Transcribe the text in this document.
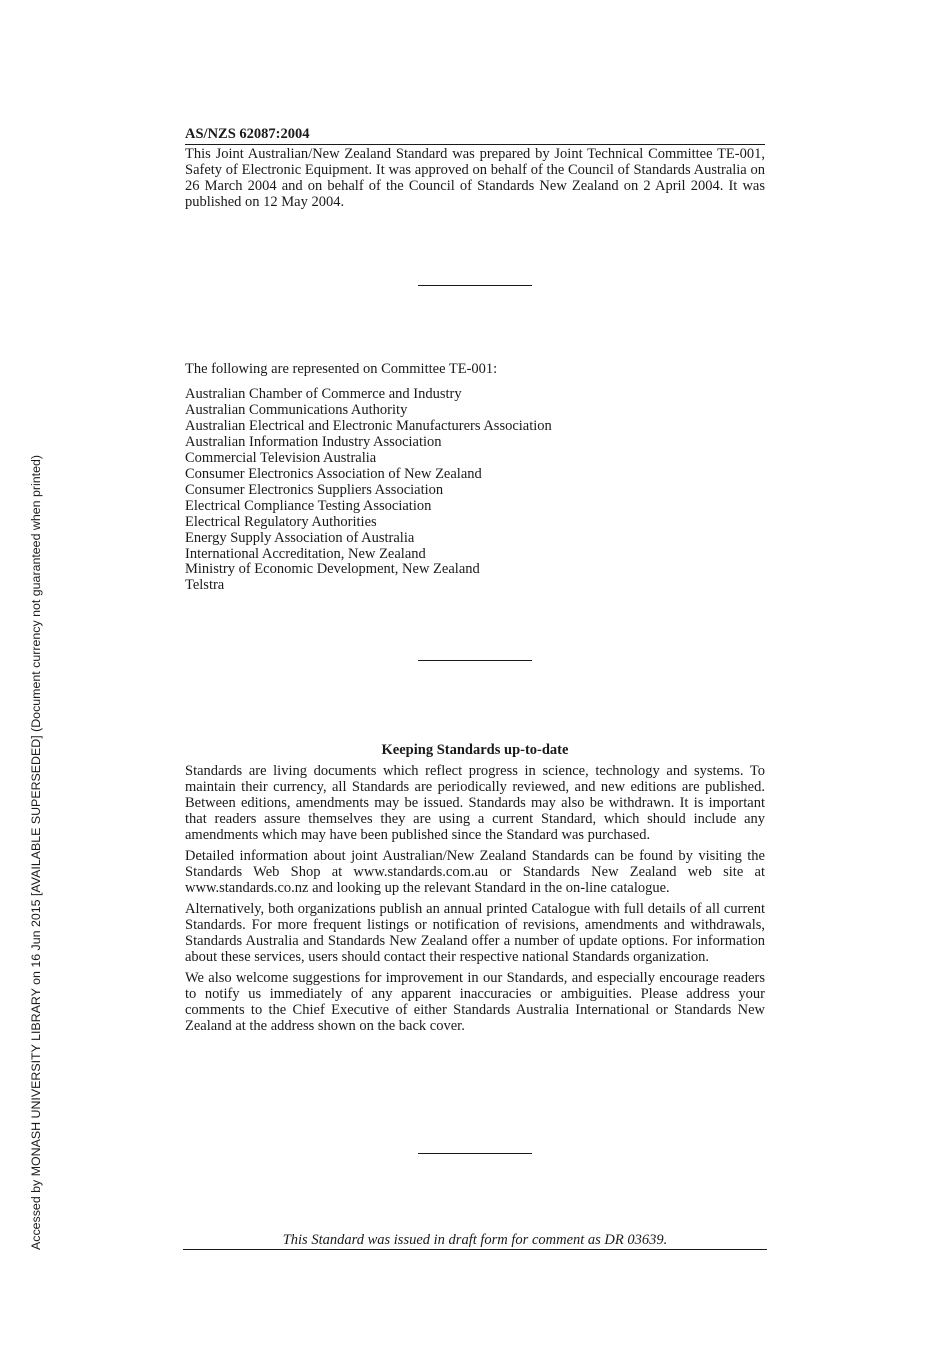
Accessed by MONASH UNIVERSITY LIBRARY on 16 Jun 2015 [AVAILABLE SUPERSEDED] (Document currency not guaranteed when printed)
AS/NZS 62087:2004

This Joint Australian/New Zealand Standard was prepared by Joint Technical Committee TE-001, Safety of Electronic Equipment. It was approved on behalf of the Council of Standards Australia on 26 March 2004 and on behalf of the Council of Standards New Zealand on 2 April 2004. It was published on 12 May 2004.

The following are represented on Committee TE-001:

Australian Chamber of Commerce and Industry
Australian Communications Authority
Australian Electrical and Electronic Manufacturers Association
Australian Information Industry Association
Commercial Television Australia
Consumer Electronics Association of New Zealand
Consumer Electronics Suppliers Association
Electrical Compliance Testing Association
Electrical Regulatory Authorities
Energy Supply Association of Australia
International Accreditation, New Zealand
Ministry of Economic Development, New Zealand
Telstra
Keeping Standards up-to-date

Standards are living documents which reflect progress in science, technology and systems. To maintain their currency, all Standards are periodically reviewed, and new editions are published. Between editions, amendments may be issued. Standards may also be withdrawn. It is important that readers assure themselves they are using a current Standard, which should include any amendments which may have been published since the Standard was purchased.

Detailed information about joint Australian/New Zealand Standards can be found by visiting the Standards Web Shop at www.standards.com.au or Standards New Zealand web site at www.standards.co.nz and looking up the relevant Standard in the on-line catalogue.

Alternatively, both organizations publish an annual printed Catalogue with full details of all current Standards. For more frequent listings or notification of revisions, amendments and withdrawals, Standards Australia and Standards New Zealand offer a number of update options. For information about these services, users should contact their respective national Standards organization.

We also welcome suggestions for improvement in our Standards, and especially encourage readers to notify us immediately of any apparent inaccuracies or ambiguities. Please address your comments to the Chief Executive of either Standards Australia International or Standards New Zealand at the address shown on the back cover.

This Standard was issued in draft form for comment as DR 03639.
